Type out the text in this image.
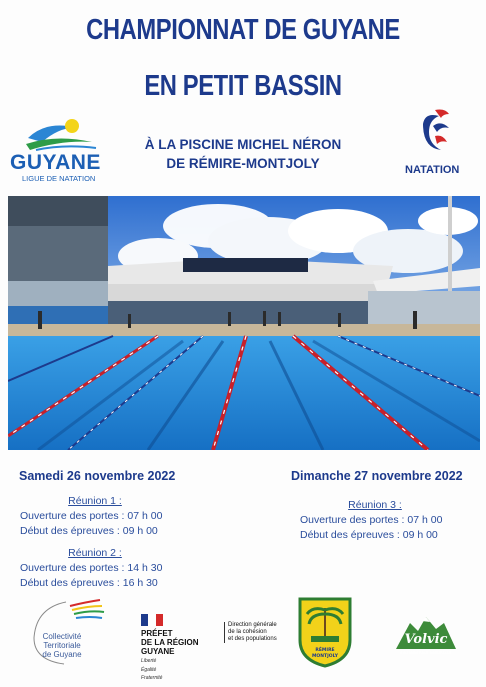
CHAMPIONNAT DE GUYANE
EN PETIT BASSIN
GUYANE
LIGUE DE NATATION
À LA PISCINE MICHEL NÉRON
DE RÉMIRE-MONTJOLY	NATATION
Samedi 26 novembre 2022
Réunion 1 :
Ouverture des portes : 07 h 00
Début des épreuves : 09 h 00
Réunion 2 :
Ouverture des portes : 14 h 30
Début des épreuves : 16 h 30
Dimanche 27 novembre 2022
Réunion 3 :
Ouverture des portes : 07 h 00
Début des épreuves : 09 h 00
Collectivité
Territoriale
de Guyane
PRÉFET
DE LA RÉGION
GUYANE
Liberté
Égalité
Fraternité
Direction générale
de la cohésion
et des populations
RÉMIRE
MONTJOLY
Volvic
EAU MINÉRALE NATURELLE
